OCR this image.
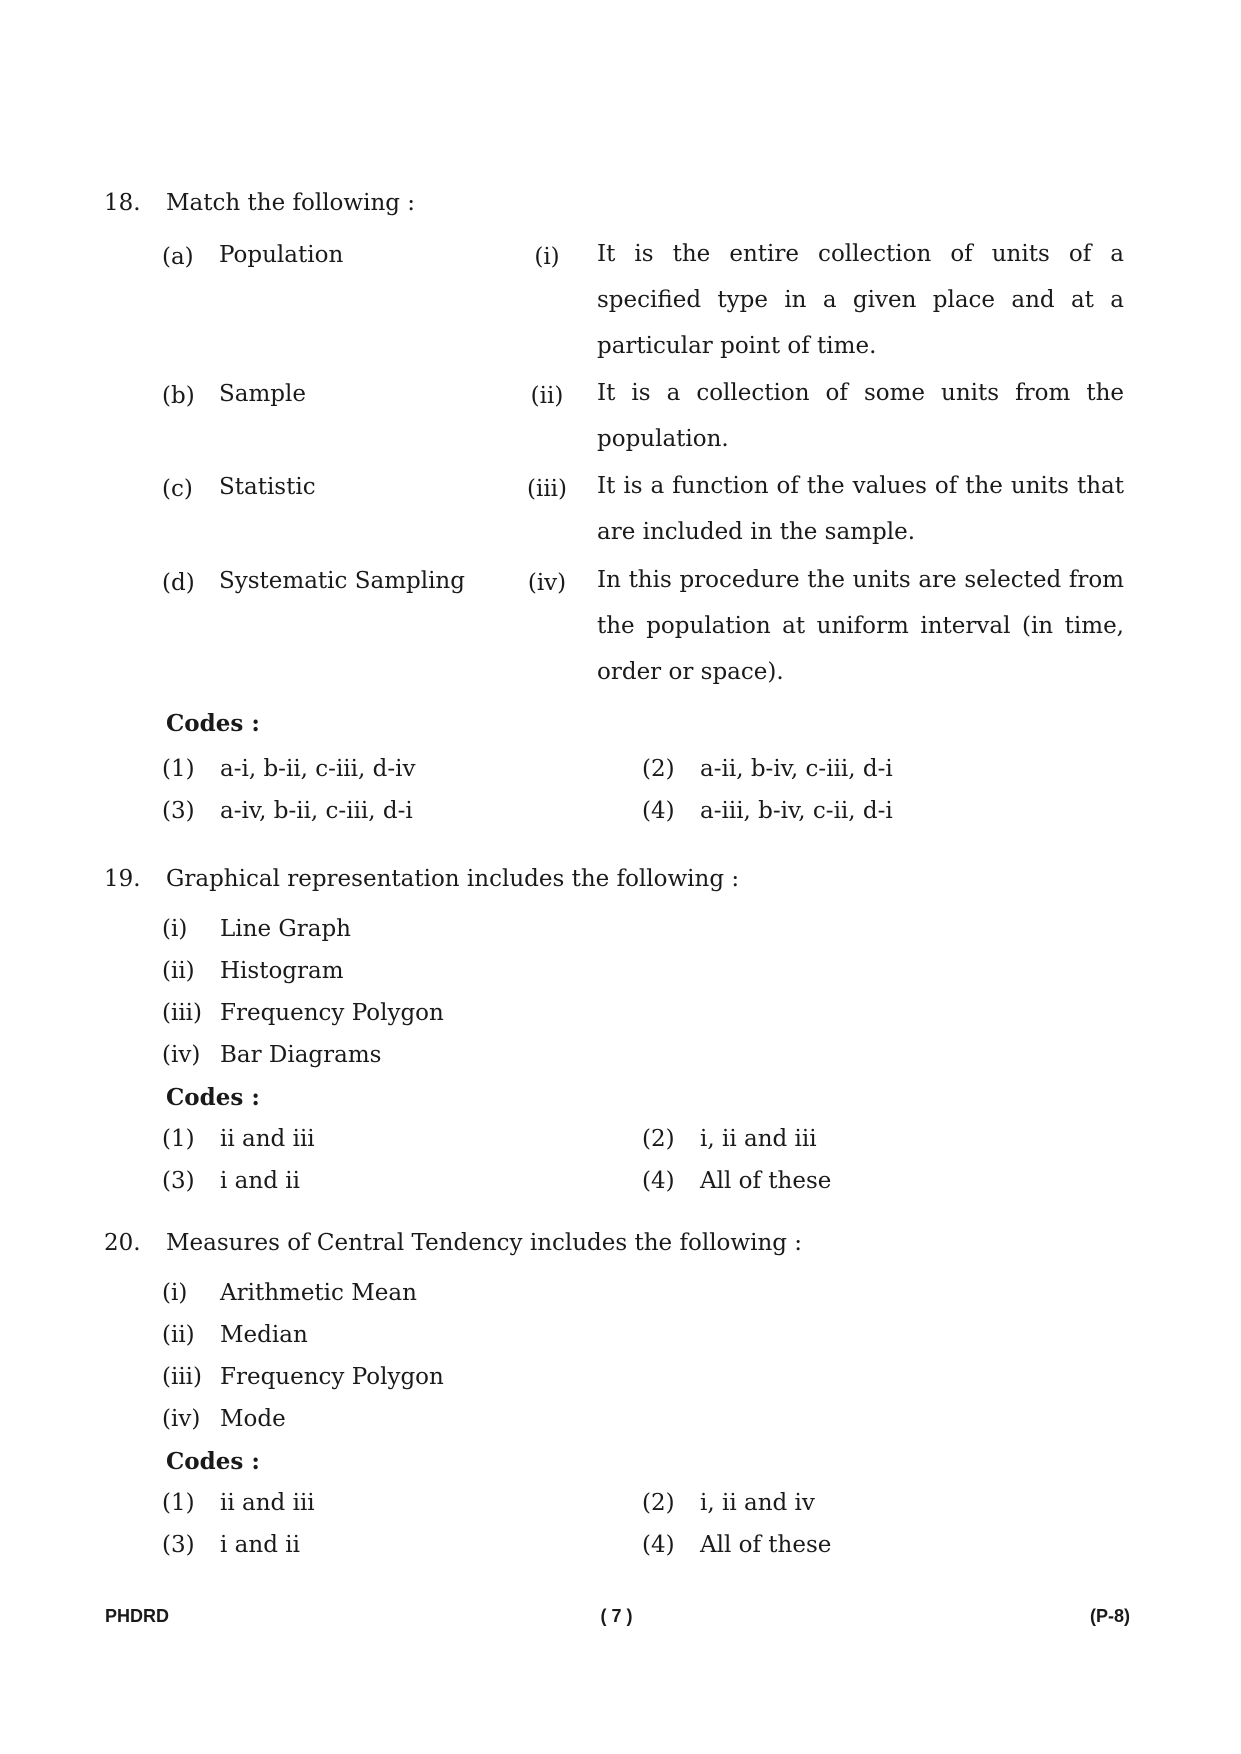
18. Match the following :
(a) Population	(i)	It is the entire collection of units of a specified type in a given place and at a particular point of time.
(b) Sample	(ii)	It is a collection of some units from the population.
(c) Statistic	(iii)	It is a function of the values of the units that are included in the sample.
(d) Systematic Sampling	(iv)	In this procedure the units are selected from the population at uniform interval (in time, order or space).
Codes :
(1) a-i, b-ii, c-iii, d-iv	(2) a-ii, b-iv, c-iii, d-i
(3) a-iv, b-ii, c-iii, d-i	(4) a-iii, b-iv, c-ii, d-i
19. Graphical representation includes the following :
(i) Line Graph
(ii) Histogram
(iii) Frequency Polygon
(iv) Bar Diagrams
Codes :
(1) ii and iii	(2) i, ii and iii
(3) i and ii	(4) All of these
20. Measures of Central Tendency includes the following :
(i) Arithmetic Mean
(ii) Median
(iii) Frequency Polygon
(iv) Mode
Codes :
(1) ii and iii	(2) i, ii and iv
(3) i and ii	(4) All of these
PHDRD	( 7 )	(P-8)
